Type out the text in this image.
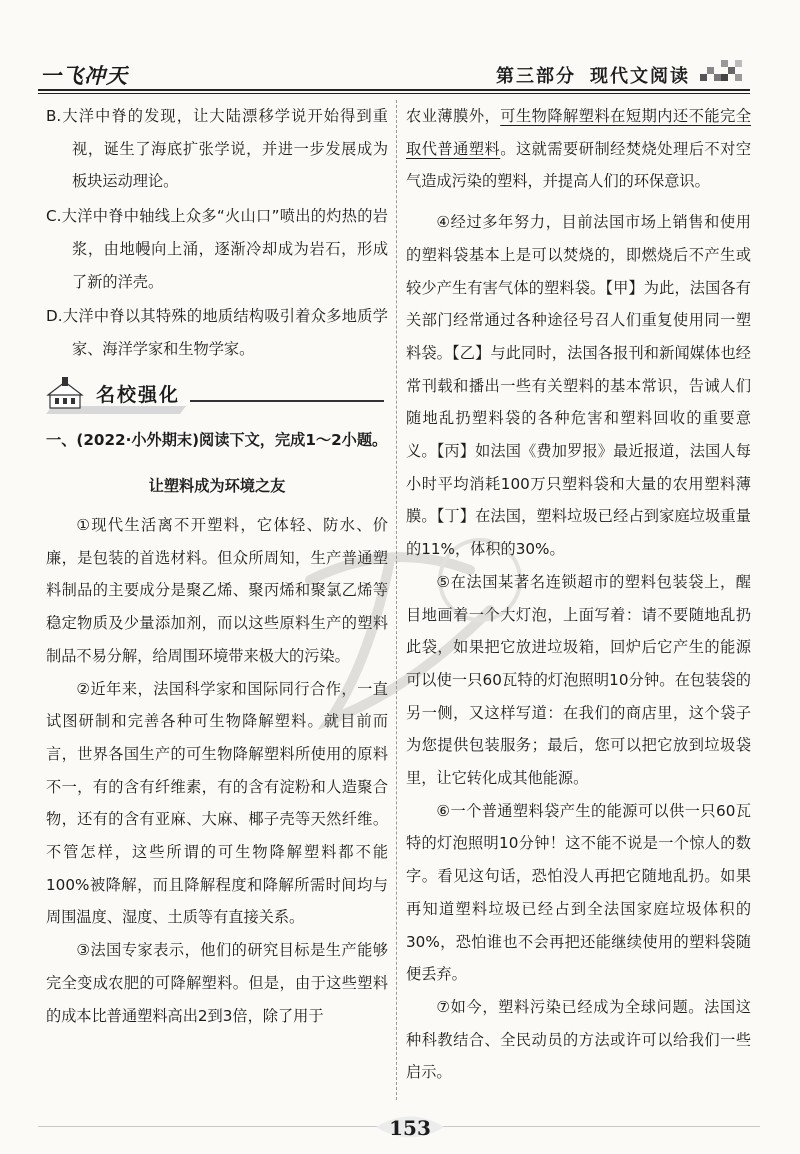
一飞冲天	第三部分 现代文阅读

B.大洋中脊的发现，让大陆漂移学说开始得到重视，诞生了海底扩张学说，并进一步发展成为板块运动理论。

C.大洋中脊中轴线上众多“火山口”喷出的灼热的岩浆，由地幔向上涌，逐渐冷却成为岩石，形成了新的洋壳。

D.大洋中脊以其特殊的地质结构吸引着众多地质学家、海洋学家和生物学家。

名校强化

一、(2022·小外期末)阅读下文，完成1～2小题。

让塑料成为环境之友

①现代生活离不开塑料，它体轻、防水、价廉，是包装的首选材料。但众所周知，生产普通塑料制品的主要成分是聚乙烯、聚丙烯和聚氯乙烯等稳定物质及少量添加剂，而以这些原料生产的塑料制品不易分解，给周围环境带来极大的污染。

②近年来，法国科学家和国际同行合作，一直试图研制和完善各种可生物降解塑料。就目前而言，世界各国生产的可生物降解塑料所使用的原料不一，有的含有纤维素，有的含有淀粉和人造聚合物，还有的含有亚麻、大麻、椰子壳等天然纤维。不管怎样，这些所谓的可生物降解塑料都不能100%被降解，而且降解程度和降解所需时间均与周围温度、湿度、土质等有直接关系。

③法国专家表示，他们的研究目标是生产能够完全变成农肥的可降解塑料。但是，由于这些塑料的成本比普通塑料高出2到3倍，除了用于

农业薄膜外，可生物降解塑料在短期内还不能完全取代普通塑料。这就需要研制经焚烧处理后不对空气造成污染的塑料，并提高人们的环保意识。

④经过多年努力，目前法国市场上销售和使用的塑料袋基本上是可以焚烧的，即燃烧后不产生或较少产生有害气体的塑料袋。【甲】为此，法国各有关部门经常通过各种途径号召人们重复使用同一塑料袋。【乙】与此同时，法国各报刊和新闻媒体也经常刊载和播出一些有关塑料的基本常识，告诫人们随地乱扔塑料袋的各种危害和塑料回收的重要意义。【丙】如法国《费加罗报》最近报道，法国人每小时平均消耗100万只塑料袋和大量的农用塑料薄膜。【丁】在法国，塑料垃圾已经占到家庭垃圾重量的11%，体积的30%。

⑤在法国某著名连锁超市的塑料包装袋上，醒目地画着一个大灯泡，上面写着：请不要随地乱扔此袋，如果把它放进垃圾箱，回炉后它产生的能源可以使一只60瓦特的灯泡照明10分钟。在包装袋的另一侧，又这样写道：在我们的商店里，这个袋子为您提供包装服务；最后，您可以把它放到垃圾袋里，让它转化成其他能源。

⑥一个普通塑料袋产生的能源可以供一只60瓦特的灯泡照明10分钟！这不能不说是一个惊人的数字。看见这句话，恐怕没人再把它随地乱扔。如果再知道塑料垃圾已经占到全法国家庭垃圾体积的30%，恐怕谁也不会再把还能继续使用的塑料袋随便丢弃。

⑦如今，塑料污染已经成为全球问题。法国这种科教结合、全民动员的方法或许可以给我们一些启示。

153
